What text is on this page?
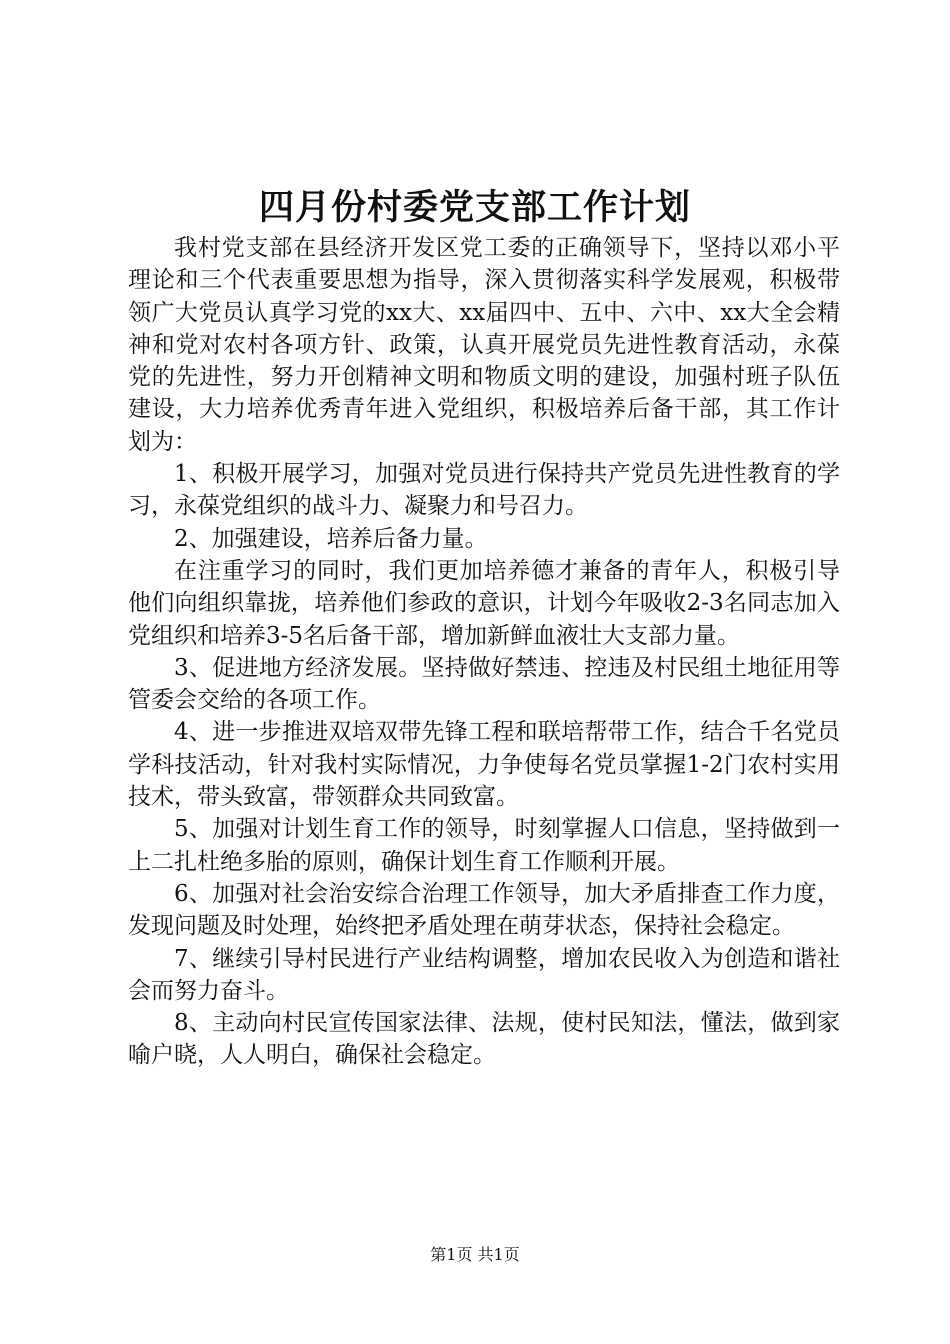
四月份村委党支部工作计划

我村党支部在县经济开发区党工委的正确领导下，坚持以邓小平理论和三个代表重要思想为指导，深入贯彻落实科学发展观，积极带领广大党员认真学习党的xx大、xx届四中、五中、六中、xx大全会精神和党对农村各项方针、政策，认真开展党员先进性教育活动，永葆党的先进性，努力开创精神文明和物质文明的建设，加强村班子队伍建设，大力培养优秀青年进入党组织，积极培养后备干部，其工作计划为：

1、积极开展学习，加强对党员进行保持共产党员先进性教育的学习，永葆党组织的战斗力、凝聚力和号召力。

2、加强建设，培养后备力量。

在注重学习的同时，我们更加培养德才兼备的青年人，积极引导他们向组织靠拢，培养他们参政的意识，计划今年吸收2-3名同志加入党组织和培养3-5名后备干部，增加新鲜血液壮大支部力量。

3、促进地方经济发展。坚持做好禁违、控违及村民组土地征用等管委会交给的各项工作。

4、进一步推进双培双带先锋工程和联培帮带工作，结合千名党员学科技活动，针对我村实际情况，力争使每名党员掌握1-2门农村实用技术，带头致富，带领群众共同致富。

5、加强对计划生育工作的领导，时刻掌握人口信息，坚持做到一上二扎杜绝多胎的原则，确保计划生育工作顺利开展。

6、加强对社会治安综合治理工作领导，加大矛盾排查工作力度，发现问题及时处理，始终把矛盾处理在萌芽状态，保持社会稳定。

7、继续引导村民进行产业结构调整，增加农民收入为创造和谐社会而努力奋斗。

8、主动向村民宣传国家法律、法规，使村民知法，懂法，做到家喻户晓，人人明白，确保社会稳定。

第1页 共1页
